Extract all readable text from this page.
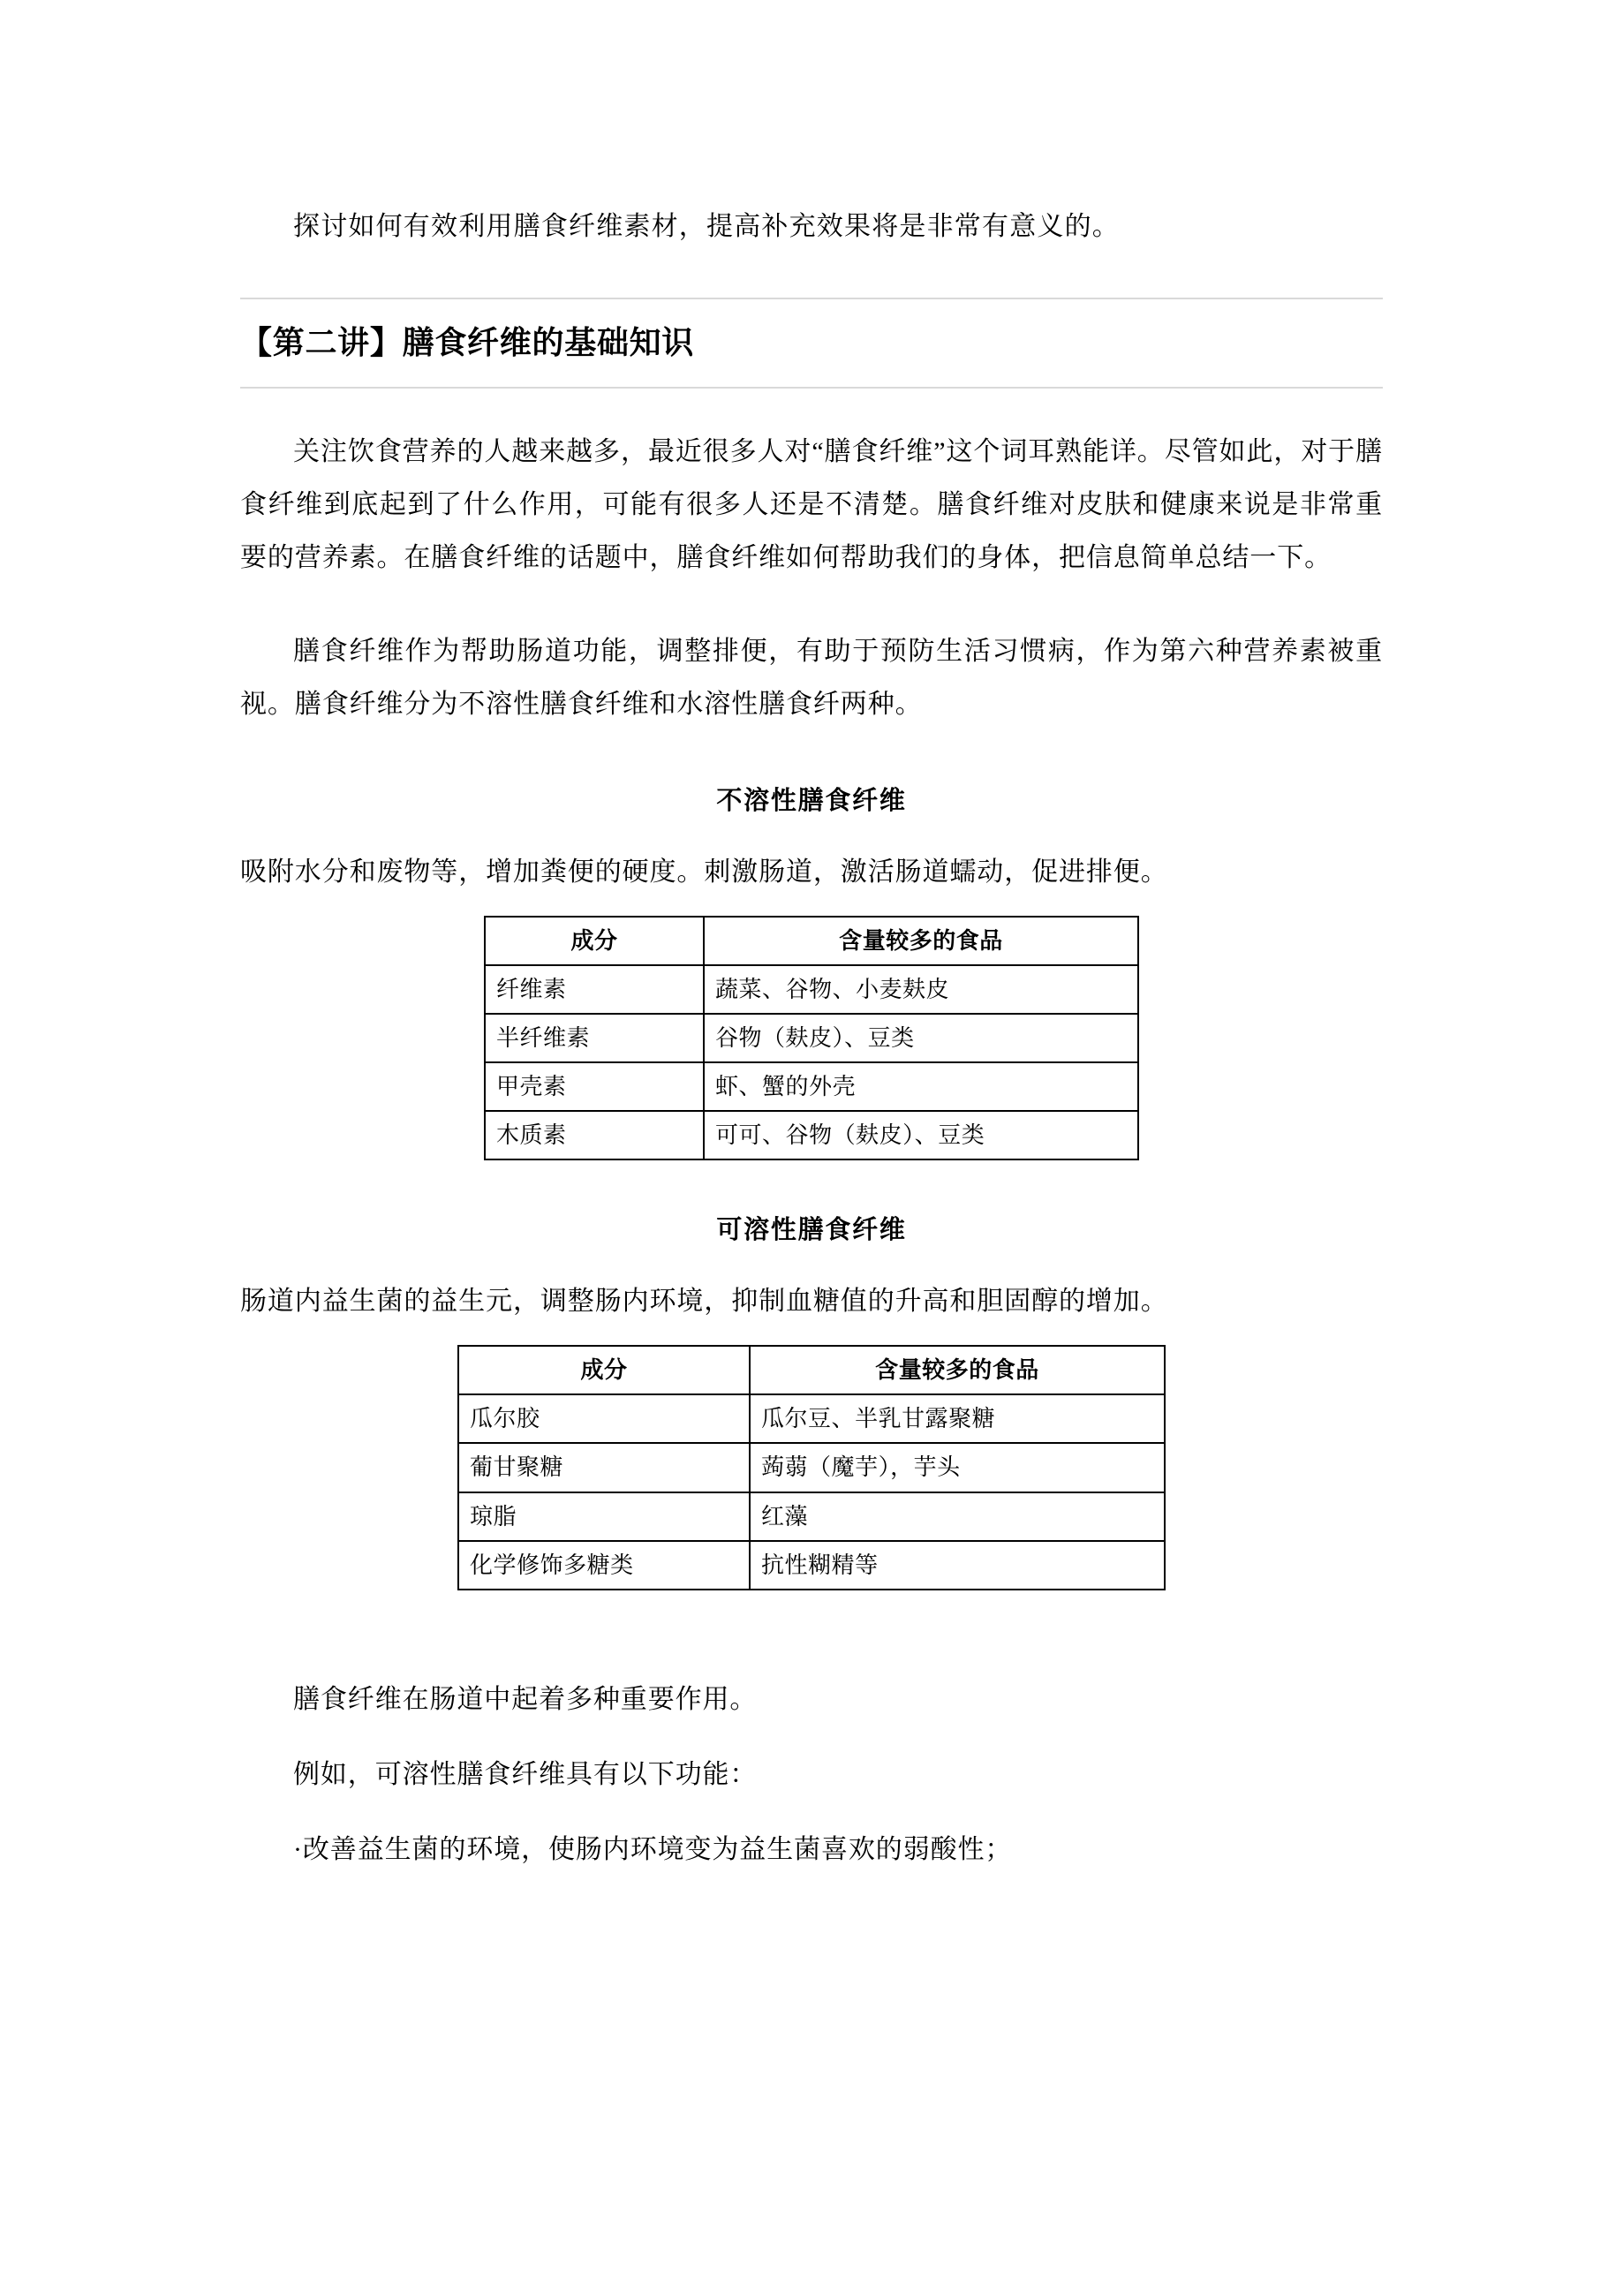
探讨如何有效利用膳食纤维素材，提高补充效果将是非常有意义的。

【第二讲】膳食纤维的基础知识

关注饮食营养的人越来越多，最近很多人对“膳食纤维”这个词耳熟能详。尽管如此，对于膳食纤维到底起到了什么作用，可能有很多人还是不清楚。膳食纤维对皮肤和健康来说是非常重要的营养素。在膳食纤维的话题中，膳食纤维如何帮助我们的身体，把信息简单总结一下。

膳食纤维作为帮助肠道功能，调整排便，有助于预防生活习惯病，作为第六种营养素被重视。膳食纤维分为不溶性膳食纤维和水溶性膳食纤两种。

不溶性膳食纤维

吸附水分和废物等，增加粪便的硬度。刺激肠道，激活肠道蠕动，促进排便。

成分	含量较多的食品
纤维素	蔬菜、谷物、小麦麸皮
半纤维素	谷物（麸皮）、豆类
甲壳素	虾、蟹的外壳
木质素	可可、谷物（麸皮）、豆类
可溶性膳食纤维

肠道内益生菌的益生元，调整肠内环境，抑制血糖值的升高和胆固醇的增加。

成分	含量较多的食品
瓜尔胶	瓜尔豆、半乳甘露聚糖
葡甘聚糖	蒟蒻（魔芋），芋头
琼脂	红藻
化学修饰多糖类	抗性糊精等

膳食纤维在肠道中起着多种重要作用。

例如，可溶性膳食纤维具有以下功能：

·改善益生菌的环境，使肠内环境变为益生菌喜欢的弱酸性；
